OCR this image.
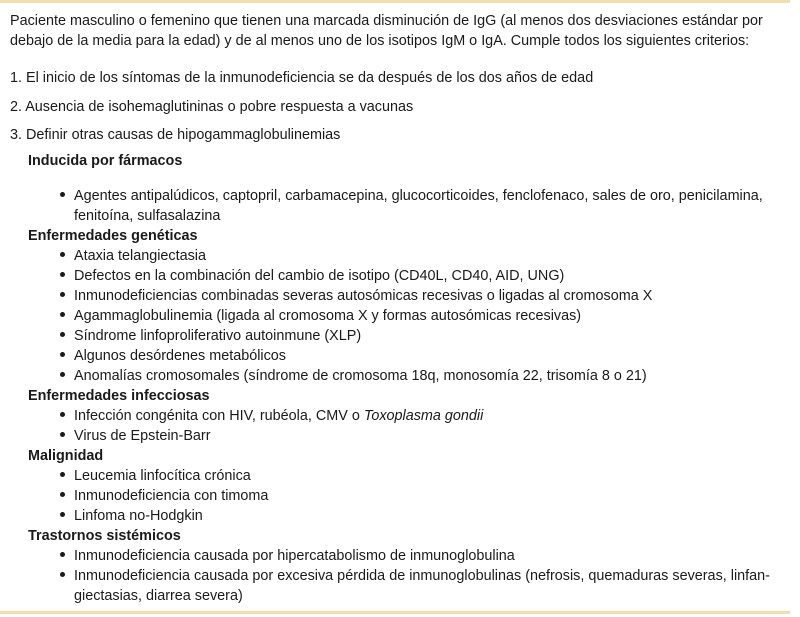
Paciente masculino o femenino que tienen una marcada disminución de IgG (al menos dos desviaciones estándar por
debajo de la media para la edad) y de al menos uno de los isotipos IgM o IgA. Cumple todos los siguientes criterios:
1. El inicio de los síntomas de la inmunodeficiencia se da después de los dos años de edad
2. Ausencia de isohemaglutininas o pobre respuesta a vacunas
3. Definir otras causas de hipogammaglobulinemias
Inducida por fármacos
Agentes antipalúdicos, captopril, carbamacepina, glucocorticoides, fenclofenaco, sales de oro, penicilamina,
fenitoína, sulfasalazina
Enfermedades genéticas
Ataxia telangiectasia
Defectos en la combinación del cambio de isotipo (CD40L, CD40, AID, UNG)
Inmunodeficiencias combinadas severas autosómicas recesivas o ligadas al cromosoma X
Agammaglobulinemia (ligada al cromosoma X y formas autosómicas recesivas)
Síndrome linfoproliferativo autoinmune (XLP)
Algunos desórdenes metabólicos
Anomalías cromosomales (síndrome de cromosoma 18q, monosomía 22, trisomía 8 o 21)
Enfermedades infecciosas
Infección congénita con HIV, rubéola, CMV o Toxoplasma gondii
Virus de Epstein-Barr
Malignidad
Leucemia linfocítica crónica
Inmunodeficiencia con timoma
Linfoma no-Hodgkin
Trastornos sistémicos
Inmunodeficiencia causada por hipercatabolismo de inmunoglobulina
Inmunodeficiencia causada por excesiva pérdida de inmunoglobulinas (nefrosis, quemaduras severas, linfan-
giectasias, diarrea severa)
